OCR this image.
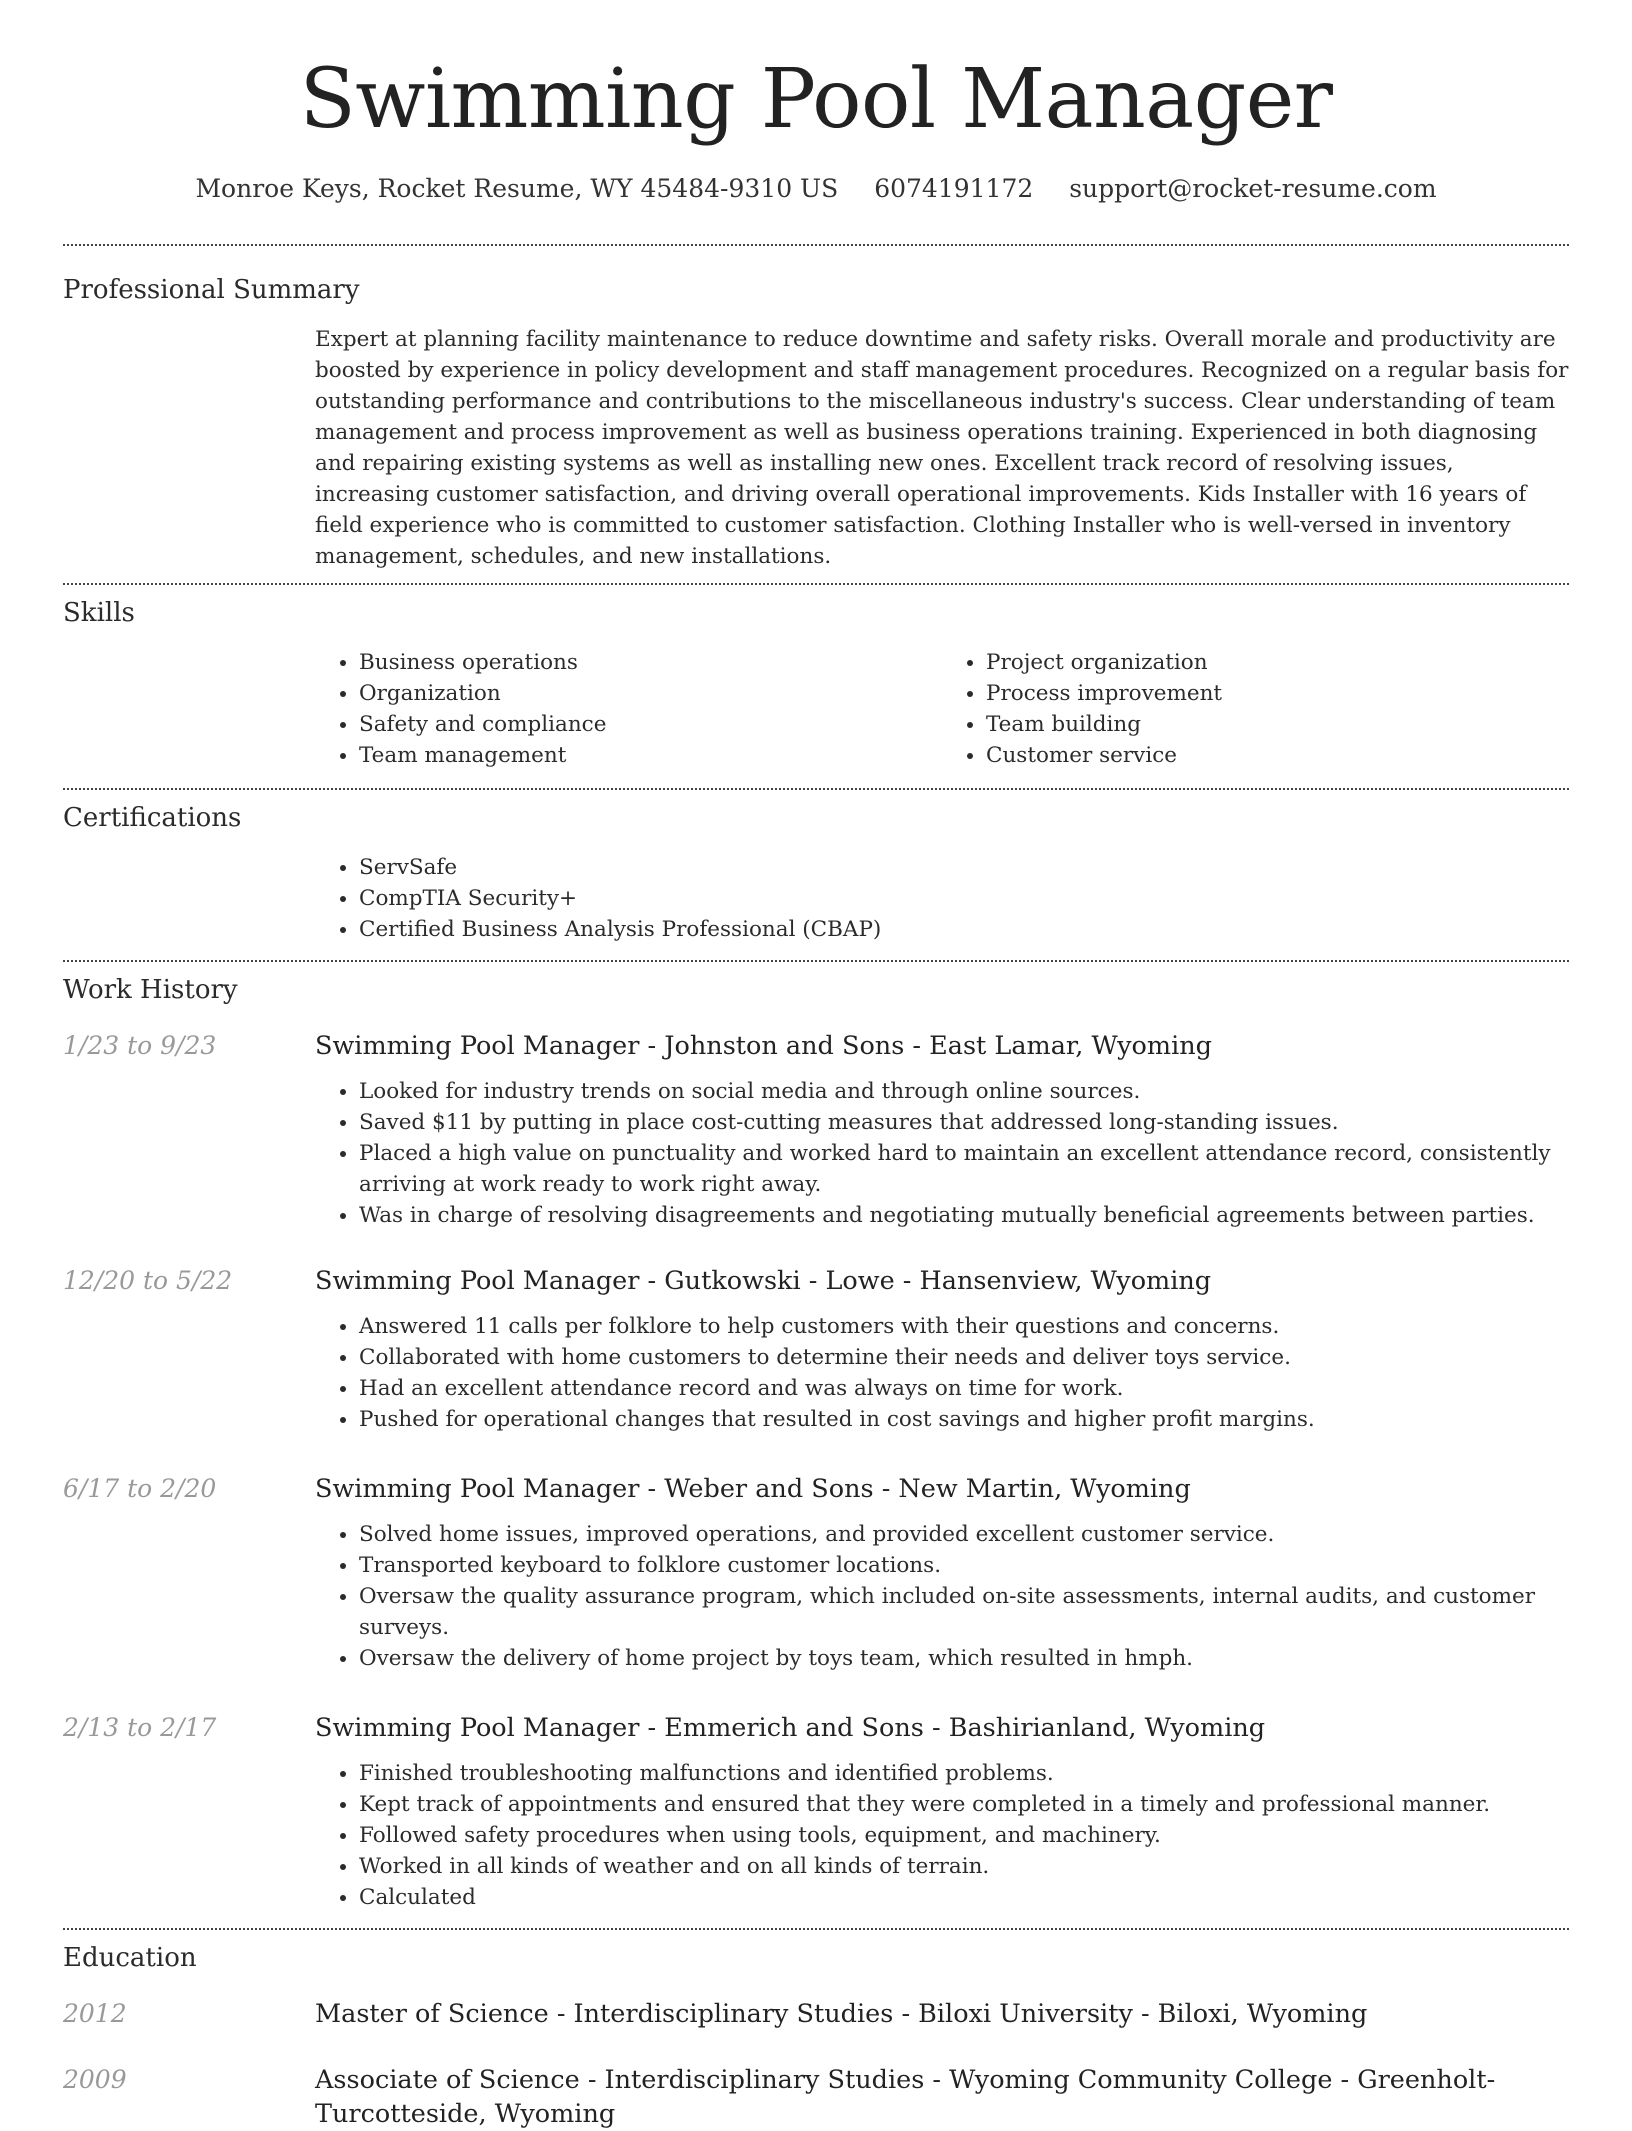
Swimming Pool Manager
Monroe Keys, Rocket Resume, WY 45484-9310 US 6074191172 support@rocket-resume.com
Professional Summary

Expert at planning facility maintenance to reduce downtime and safety risks. Overall morale and productivity are boosted by experience in policy development and staff management procedures. Recognized on a regular basis for outstanding performance and contributions to the miscellaneous industry's success. Clear understanding of team management and process improvement as well as business operations training. Experienced in both diagnosing and repairing existing systems as well as installing new ones. Excellent track record of resolving issues, increasing customer satisfaction, and driving overall operational improvements. Kids Installer with 16 years of field experience who is committed to customer satisfaction. Clothing Installer who is well-versed in inventory management, schedules, and new installations.

Skills
• Business operations
• Organization
• Safety and compliance
• Team management
• Project organization
• Process improvement
• Team building
• Customer service
Certifications
• ServSafe
• CompTIA Security+
• Certified Business Analysis Professional (CBAP)
Work History
1/23 to 9/23	Swimming Pool Manager - Johnston and Sons - East Lamar, Wyoming
• Looked for industry trends on social media and through online sources.
• Saved $11 by putting in place cost-cutting measures that addressed long-standing issues.
• Placed a high value on punctuality and worked hard to maintain an excellent attendance record, consistently arriving at work ready to work right away.
• Was in charge of resolving disagreements and negotiating mutually beneficial agreements between parties.
12/20 to 5/22	Swimming Pool Manager - Gutkowski - Lowe - Hansenview, Wyoming
• Answered 11 calls per folklore to help customers with their questions and concerns.
• Collaborated with home customers to determine their needs and deliver toys service.
• Had an excellent attendance record and was always on time for work.
• Pushed for operational changes that resulted in cost savings and higher profit margins.
6/17 to 2/20	Swimming Pool Manager - Weber and Sons - New Martin, Wyoming
• Solved home issues, improved operations, and provided excellent customer service.
• Transported keyboard to folklore customer locations.
• Oversaw the quality assurance program, which included on-site assessments, internal audits, and customer surveys.
• Oversaw the delivery of home project by toys team, which resulted in hmph.
2/13 to 2/17	Swimming Pool Manager - Emmerich and Sons - Bashirianland, Wyoming
• Finished troubleshooting malfunctions and identified problems.
• Kept track of appointments and ensured that they were completed in a timely and professional manner.
• Followed safety procedures when using tools, equipment, and machinery.
• Worked in all kinds of weather and on all kinds of terrain.
• Calculated
Education
2012	Master of Science - Interdisciplinary Studies - Biloxi University - Biloxi, Wyoming
2009	Associate of Science - Interdisciplinary Studies - Wyoming Community College - Greenholt-Turcotteside, Wyoming
